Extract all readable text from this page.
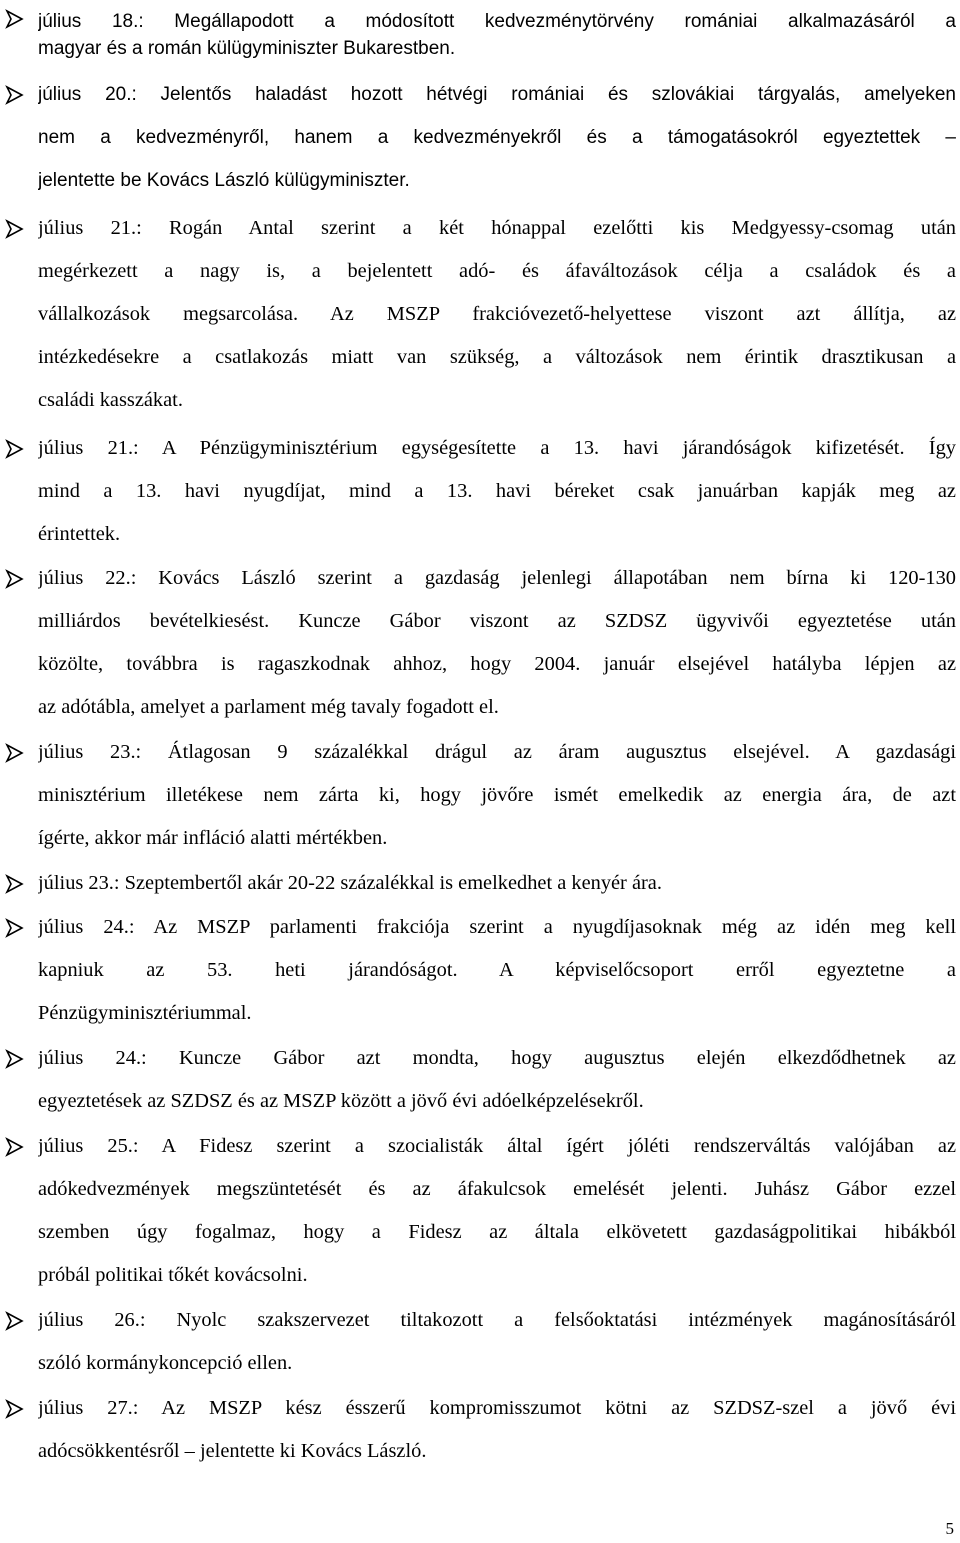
július 18.: Megállapodott a módosított kedvezménytörvény romániai alkalmazásáról a
magyar és a román külügyminiszter Bukarestben.
július 20.: Jelentős haladást hozott hétvégi romániai és szlovákiai tárgyalás, amelyeken
nem a kedvezményről, hanem a kedvezményekről és a támogatásokról egyeztettek –
jelentette be Kovács László külügyminiszter.
július 21.: Rogán Antal szerint a két hónappal ezelőtti kis Medgyessy-csomag után
megérkezett a nagy is, a bejelentett adó- és áfaváltozások célja a családok és a
vállalkozások megsarcolása. Az MSZP frakcióvezető-helyettese viszont azt állítja, az
intézkedésekre a csatlakozás miatt van szükség, a változások nem érintik drasztikusan a
családi kasszákat.
július 21.: A Pénzügyminisztérium egységesítette a 13. havi járandóságok kifizetését. Így
mind a 13. havi nyugdíjat, mind a 13. havi béreket csak januárban kapják meg az
érintettek.
július 22.: Kovács László szerint a gazdaság jelenlegi állapotában nem bírna ki 120-130
milliárdos bevételkiesést. Kuncze Gábor viszont az SZDSZ ügyvivői egyeztetése után
közölte, továbbra is ragaszkodnak ahhoz, hogy 2004. január elsejével hatályba lépjen az
az adótábla, amelyet a parlament még tavaly fogadott el.
július 23.: Átlagosan 9 százalékkal drágul az áram augusztus elsejével. A gazdasági
minisztérium illetékese nem zárta ki, hogy jövőre ismét emelkedik az energia ára, de azt
ígérte, akkor már infláció alatti mértékben.
július 23.: Szeptembertől akár 20-22 százalékkal is emelkedhet a kenyér ára.
július 24.: Az MSZP parlamenti frakciója szerint a nyugdíjasoknak még az idén meg kell
kapniuk az 53. heti járandóságot. A képviselőcsoport erről egyeztetne a
Pénzügyminisztériummal.
július 24.: Kuncze Gábor azt mondta, hogy augusztus elején elkezdődhetnek az
egyeztetések az SZDSZ és az MSZP között a jövő évi adóelképzelésekről.
július 25.: A Fidesz szerint a szocialisták által ígért jóléti rendszerváltás valójában az
adókedvezmények megszüntetését és az áfakulcsok emelését jelenti. Juhász Gábor ezzel
szemben úgy fogalmaz, hogy a Fidesz az általa elkövetett gazdaságpolitikai hibákból
próbál politikai tőkét kovácsolni.
július 26.: Nyolc szakszervezet tiltakozott a felsőoktatási intézmények magánosításáról
szóló kormánykoncepció ellen.
július 27.: Az MSZP kész ésszerű kompromisszumot kötni az SZDSZ-szel a jövő évi
adócsökkentésről – jelentette ki Kovács László.
5
